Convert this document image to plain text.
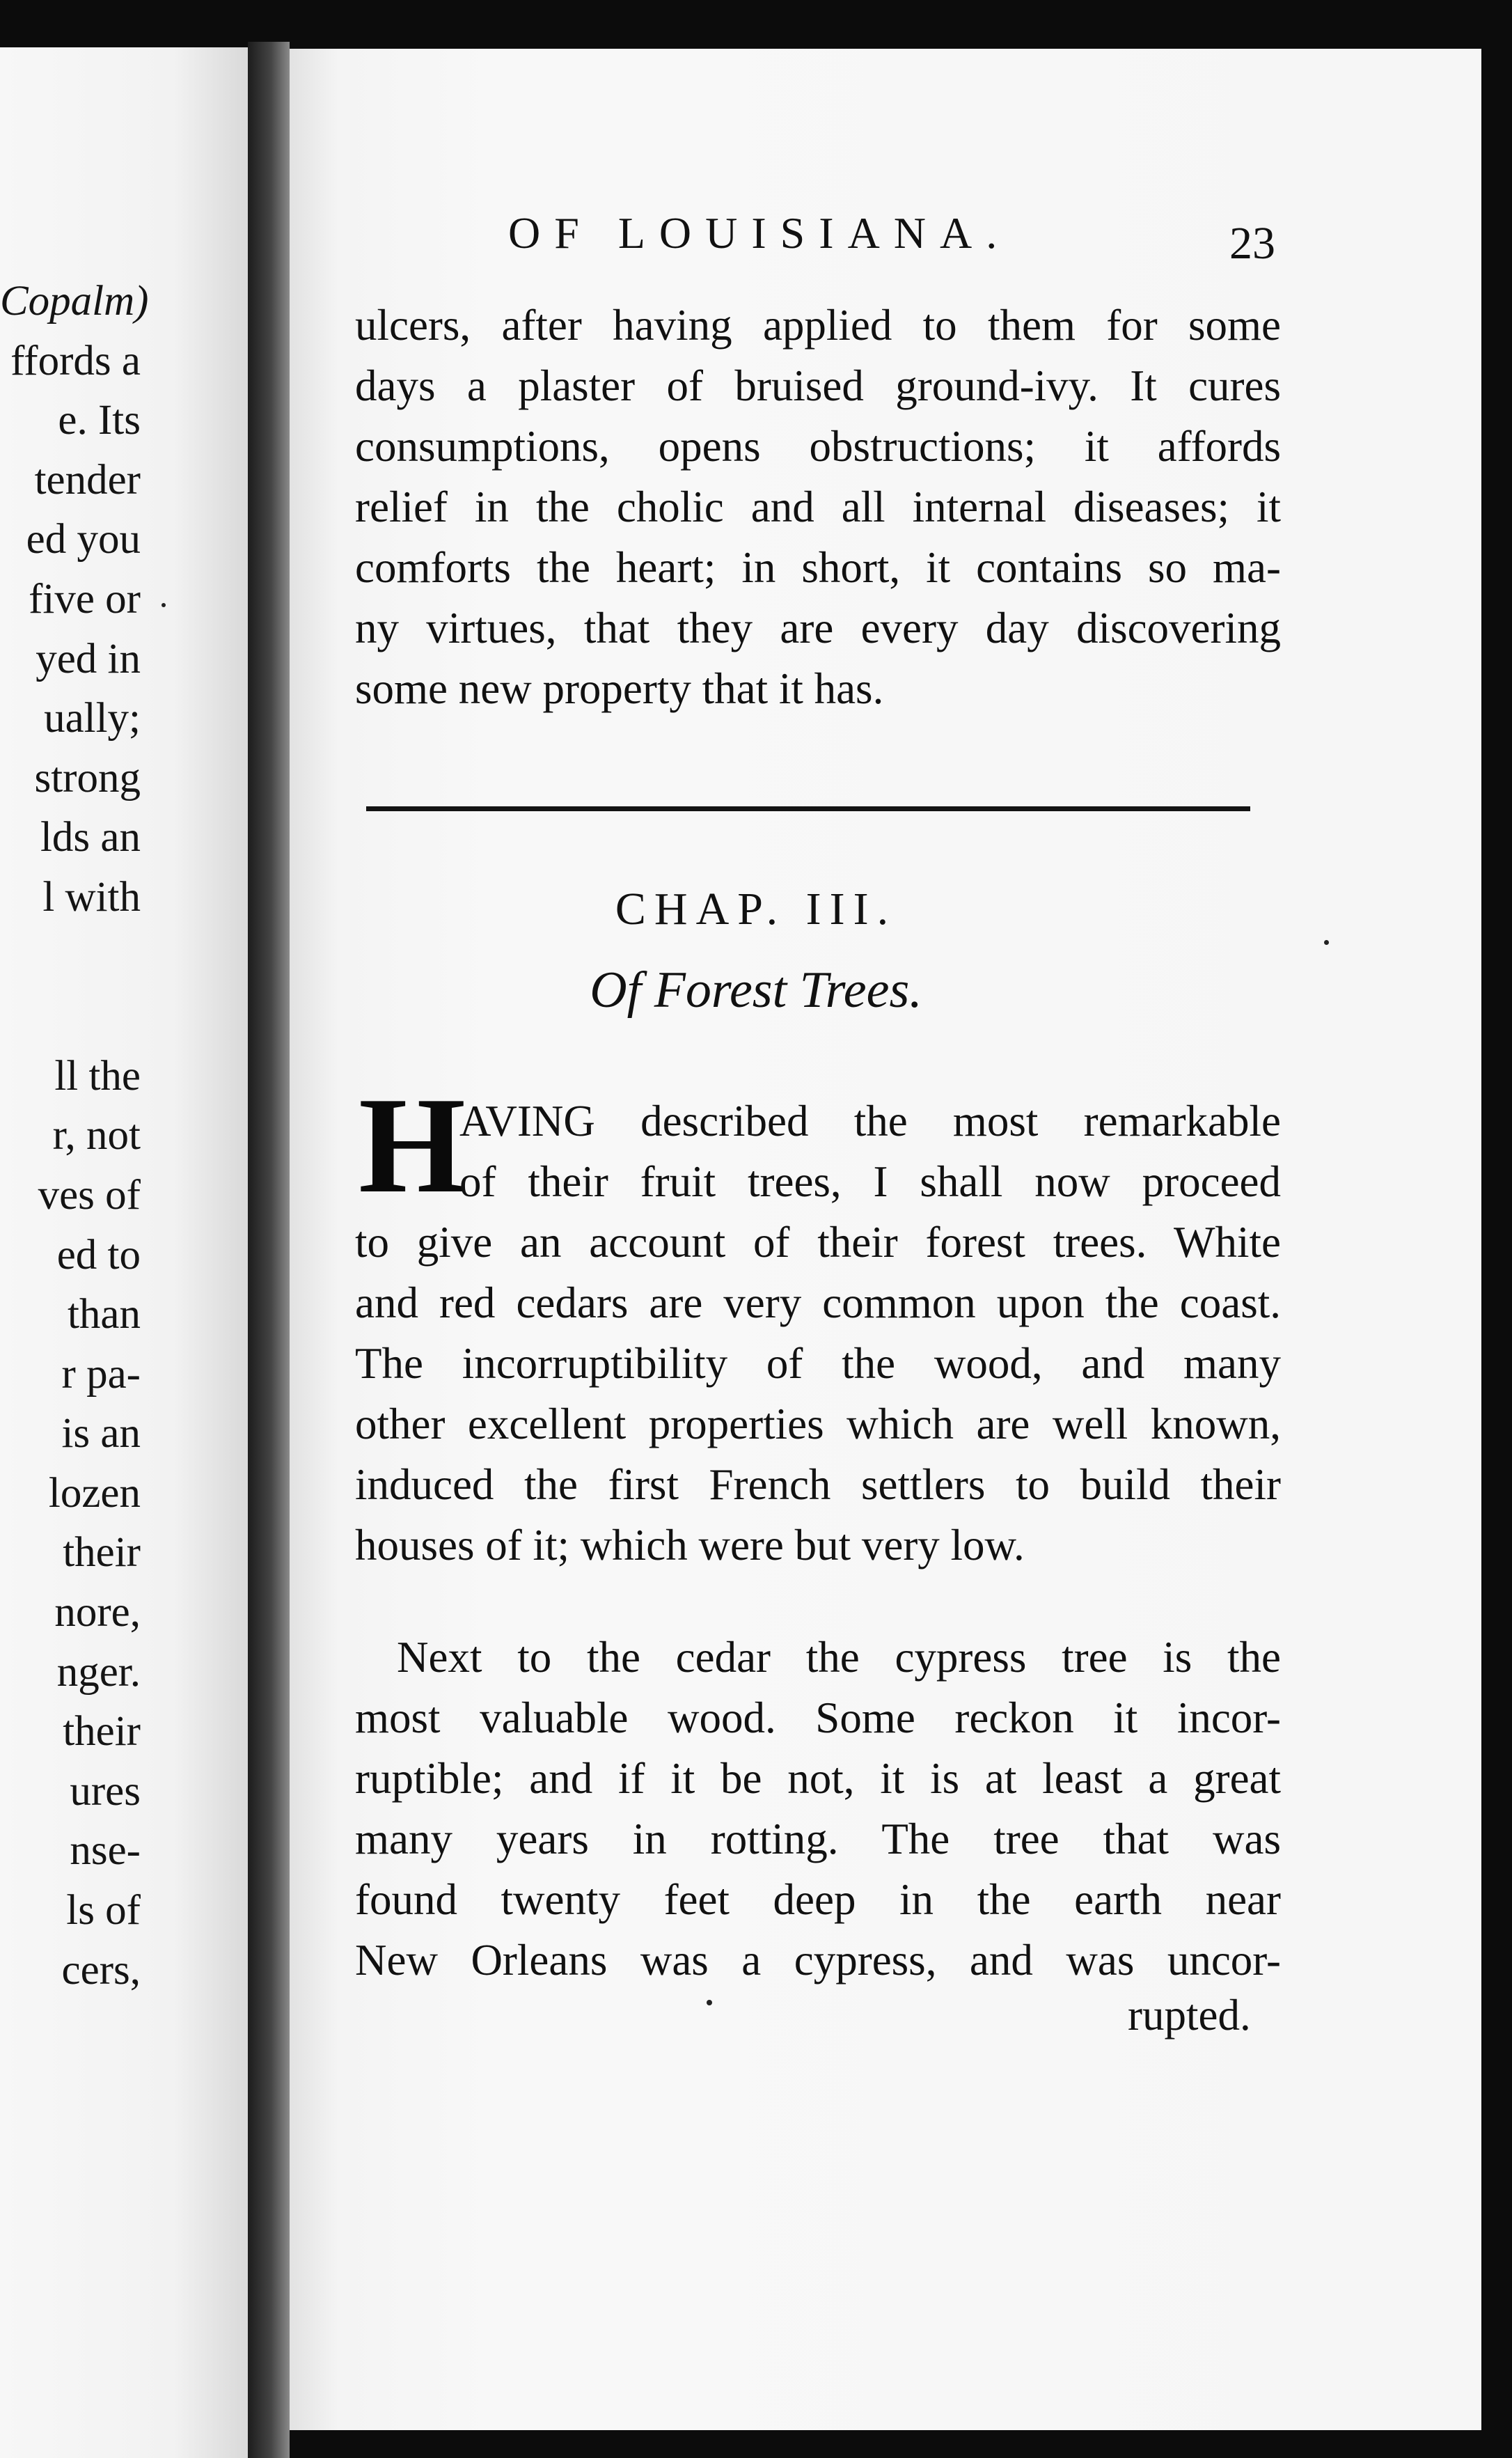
Copalm)
ffords a
e. Its
tender
ed you
five or
yed in
ually;
strong
lds an
l with
ll the
r, not
ves of
ed to
than
r pa-
is an
lozen
their
nore,
nger.
their
ures
nse-
ls of
cers,
OF LOUISIANA.	23
ulcers, after having applied to them for some
days a plaster of bruised ground-ivy. It cures
consumptions, opens obstructions; it affords
relief in the cholic and all internal diseases; it
comforts the heart; in short, it contains so ma-
ny virtues, that they are every day discovering
some new property that it has.
CHAP. III.
Of Forest Trees.
H
AVING described the most remarkable
of their fruit trees, I shall now proceed
to give an account of their forest trees. White
and red cedars are very common upon the coast.
The incorruptibility of the wood, and many
other excellent properties which are well known,
induced the first French settlers to build their
houses of it; which were but very low.
Next to the cedar the cypress tree is the
most valuable wood. Some reckon it incor-
ruptible; and if it be not, it is at least a great
many years in rotting. The tree that was
found twenty feet deep in the earth near
New Orleans was a cypress, and was uncor-
rupted.
